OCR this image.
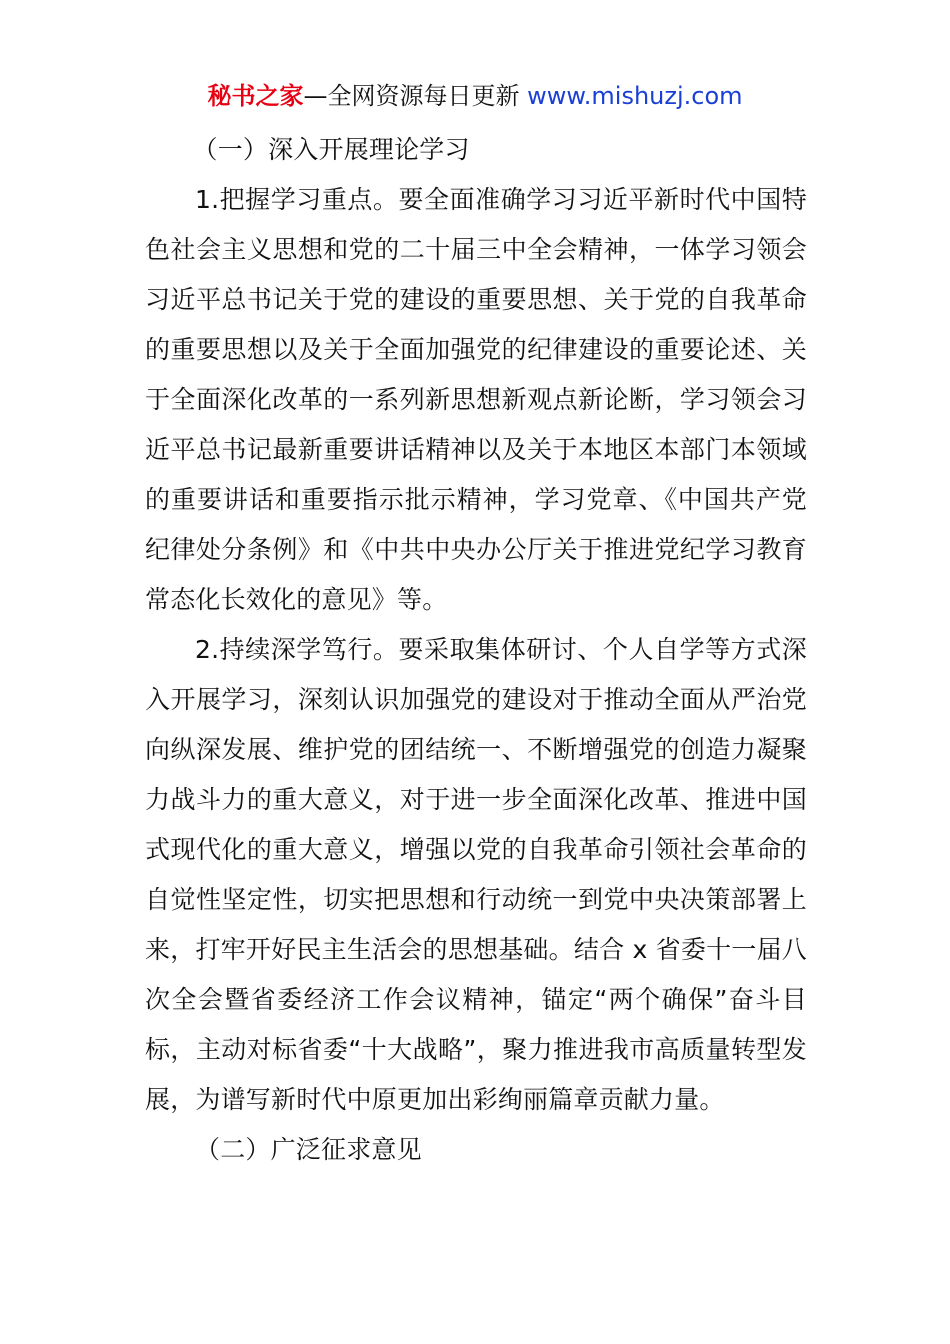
秘书之家—全网资源每日更新 www.mishuzj.com

（一）深入开展理论学习

1.把握学习重点。要全面准确学习习近平新时代中国特色社会主义思想和党的二十届三中全会精神，一体学习领会习近平总书记关于党的建设的重要思想、关于党的自我革命的重要思想以及关于全面加强党的纪律建设的重要论述、关于全面深化改革的一系列新思想新观点新论断，学习领会习近平总书记最新重要讲话精神以及关于本地区本部门本领域的重要讲话和重要指示批示精神，学习党章、《中国共产党纪律处分条例》和《中共中央办公厅关于推进党纪学习教育常态化长效化的意见》等。

2.持续深学笃行。要采取集体研讨、个人自学等方式深入开展学习，深刻认识加强党的建设对于推动全面从严治党向纵深发展、维护党的团结统一、不断增强党的创造力凝聚力战斗力的重大意义，对于进一步全面深化改革、推进中国式现代化的重大意义，增强以党的自我革命引领社会革命的自觉性坚定性，切实把思想和行动统一到党中央决策部署上来，打牢开好民主生活会的思想基础。结合 x 省委十一届八次全会暨省委经济工作会议精神，锚定“两个确保”奋斗目标，主动对标省委“十大战略”，聚力推进我市高质量转型发展，为谱写新时代中原更加出彩绚丽篇章贡献力量。

（二）广泛征求意见
